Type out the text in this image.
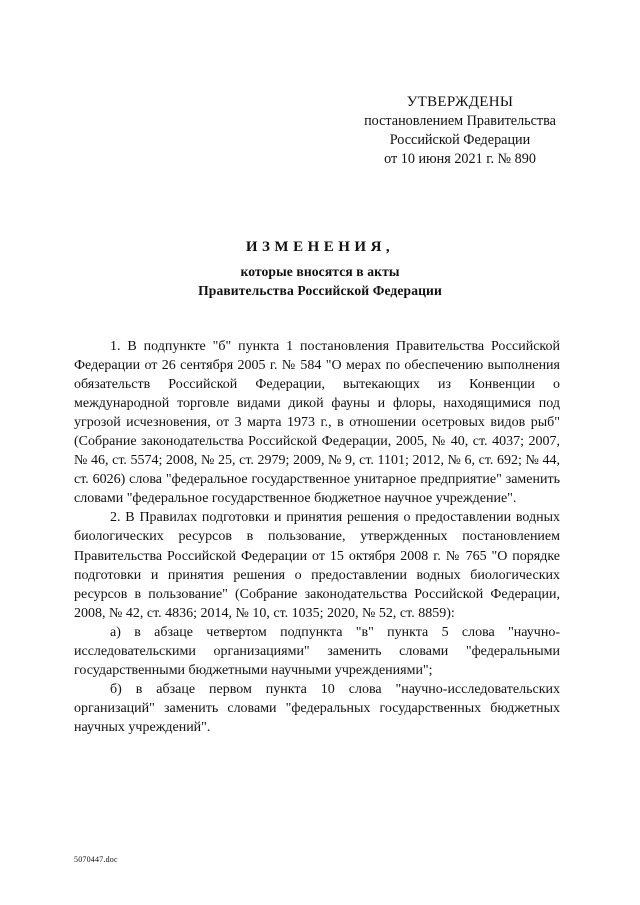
УТВЕРЖДЕНЫ
постановлением Правительства
Российской Федерации
от 10 июня 2021 г. № 890
ИЗМЕНЕНИЯ,
которые вносятся в акты
Правительства Российской Федерации

1. В подпункте "б" пункта 1 постановления Правительства Российской Федерации от 26 сентября 2005 г. № 584 "О мерах по обеспечению выполнения обязательств Российской Федерации, вытекающих из Конвенции о международной торговле видами дикой фауны и флоры, находящимися под угрозой исчезновения, от 3 марта 1973 г., в отношении осетровых видов рыб" (Собрание законодательства Российской Федерации, 2005, № 40, ст. 4037; 2007, № 46, ст. 5574; 2008, № 25, ст. 2979; 2009, № 9, ст. 1101; 2012, № 6, ст. 692; № 44, ст. 6026) слова "федеральное государственное унитарное предприятие" заменить словами "федеральное государственное бюджетное научное учреждение".

2. В Правилах подготовки и принятия решения о предоставлении водных биологических ресурсов в пользование, утвержденных постановлением Правительства Российской Федерации от 15 октября 2008 г. № 765 "О порядке подготовки и принятия решения о предоставлении водных биологических ресурсов в пользование" (Собрание законодательства Российской Федерации, 2008, № 42, ст. 4836; 2014, № 10, ст. 1035; 2020, № 52, ст. 8859):

а) в абзаце четвертом подпункта "в" пункта 5 слова "научно-исследовательскими организациями" заменить словами "федеральными государственными бюджетными научными учреждениями";

б) в абзаце первом пункта 10 слова "научно-исследовательских организаций" заменить словами "федеральных государственных бюджетных научных учреждений".

5070447.doc
